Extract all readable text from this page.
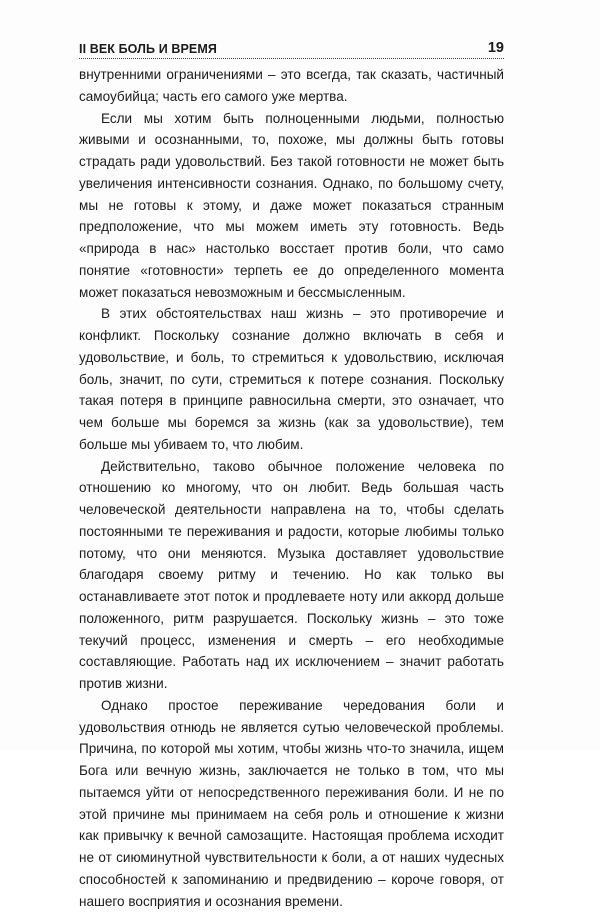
II ВЕК БОЛЬ И ВРЕМЯ	19

внутренними ограничениями – это всегда, так сказать, частичный самоубийца; часть его самого уже мертва.

Если мы хотим быть полноценными людьми, полностью живыми и осознанными, то, похоже, мы должны быть готовы страдать ради удовольствий. Без такой готовности не может быть увеличения интенсивности сознания. Однако, по большому счету, мы не готовы к этому, и даже может показаться странным предположение, что мы можем иметь эту готовность. Ведь «природа в нас» настолько восстает против боли, что само понятие «готовности» терпеть ее до определенного момента может показаться невозможным и бессмысленным.

В этих обстоятельствах наш жизнь – это противоречие и конфликт. Поскольку сознание должно включать в себя и удовольствие, и боль, то стремиться к удовольствию, исключая боль, значит, по сути, стремиться к потере сознания. Поскольку такая потеря в принципе равносильна смерти, это означает, что чем больше мы боремся за жизнь (как за удовольствие), тем больше мы убиваем то, что любим.

Действительно, таково обычное положение человека по отношению ко многому, что он любит. Ведь большая часть человеческой деятельности направлена на то, чтобы сделать постоянными те переживания и радости, которые любимы только потому, что они меняются. Музыка доставляет удовольствие благодаря своему ритму и течению. Но как только вы останавливаете этот поток и продлеваете ноту или аккорд дольше положенного, ритм разрушается. Поскольку жизнь – это тоже текучий процесс, изменения и смерть – его необходимые составляющие. Работать над их исключением – значит работать против жизни.

Однако простое переживание чередования боли и удовольствия отнюдь не является сутью человеческой проблемы. Причина, по которой мы хотим, чтобы жизнь что-то значила, ищем Бога или вечную жизнь, заключается не только в том, что мы пытаемся уйти от непосредственного переживания боли. И не по этой причине мы принимаем на себя роль и отношение к жизни как привычку к вечной самозащите. Настоящая проблема исходит не от сиюминутной чувствительности к боли, а от наших чудесных способностей к запоминанию и предвидению – короче говоря, от нашего восприятия и осознания времени.
